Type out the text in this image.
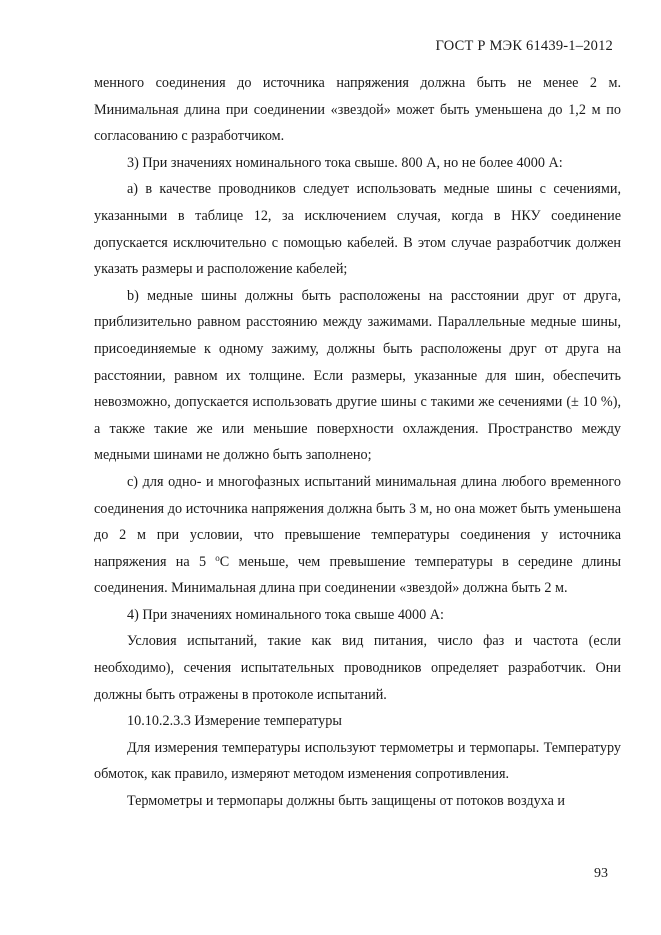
ГОСТ Р МЭК 61439-1–2012

менного соединения до источника напряжения должна быть не менее 2 м. Минимальная длина при соединении «звездой» может быть уменьшена до 1,2 м по согласованию с разработчиком.

3) При значениях номинального тока свыше. 800 А, но не более 4000 А:

a) в качестве проводников следует использовать медные шины с сечениями, указанными в таблице 12, за исключением случая, когда в НКУ соединение допускается исключительно с помощью кабелей. В этом случае разработчик должен указать размеры и расположение кабелей;

b) медные шины должны быть расположены на расстоянии друг от друга, приблизительно равном расстоянию между зажимами. Параллельные медные шины, присоединяемые к одному зажиму, должны быть расположены друг от друга на расстоянии, равном их толщине. Если размеры, указанные для шин, обеспечить невозможно, допускается использовать другие шины с такими же сечениями (± 10 %), а также такие же или меньшие поверхности охлаждения. Пространство между медными шинами не должно быть заполнено;

c) для одно- и многофазных испытаний минимальная длина любого временного соединения до источника напряжения должна быть 3 м, но она может быть уменьшена до 2 м при условии, что превышение температуры соединения у источника напряжения на 5 $^о$С меньше, чем превышение температуры в середине длины соединения. Минимальная длина при соединении «звездой» должна быть 2 м.

4) При значениях номинального тока свыше 4000 А:

Условия испытаний, такие как вид питания, число фаз и частота (если необходимо), сечения испытательных проводников определяет разработчик. Они должны быть отражены в протоколе испытаний.

10.10.2.3.3 Измерение температуры

Для измерения температуры используют термометры и термопары. Температуру обмоток, как правило, измеряют методом изменения сопротивления.

Термометры и термопары должны быть защищены от потоков воздуха и

93
